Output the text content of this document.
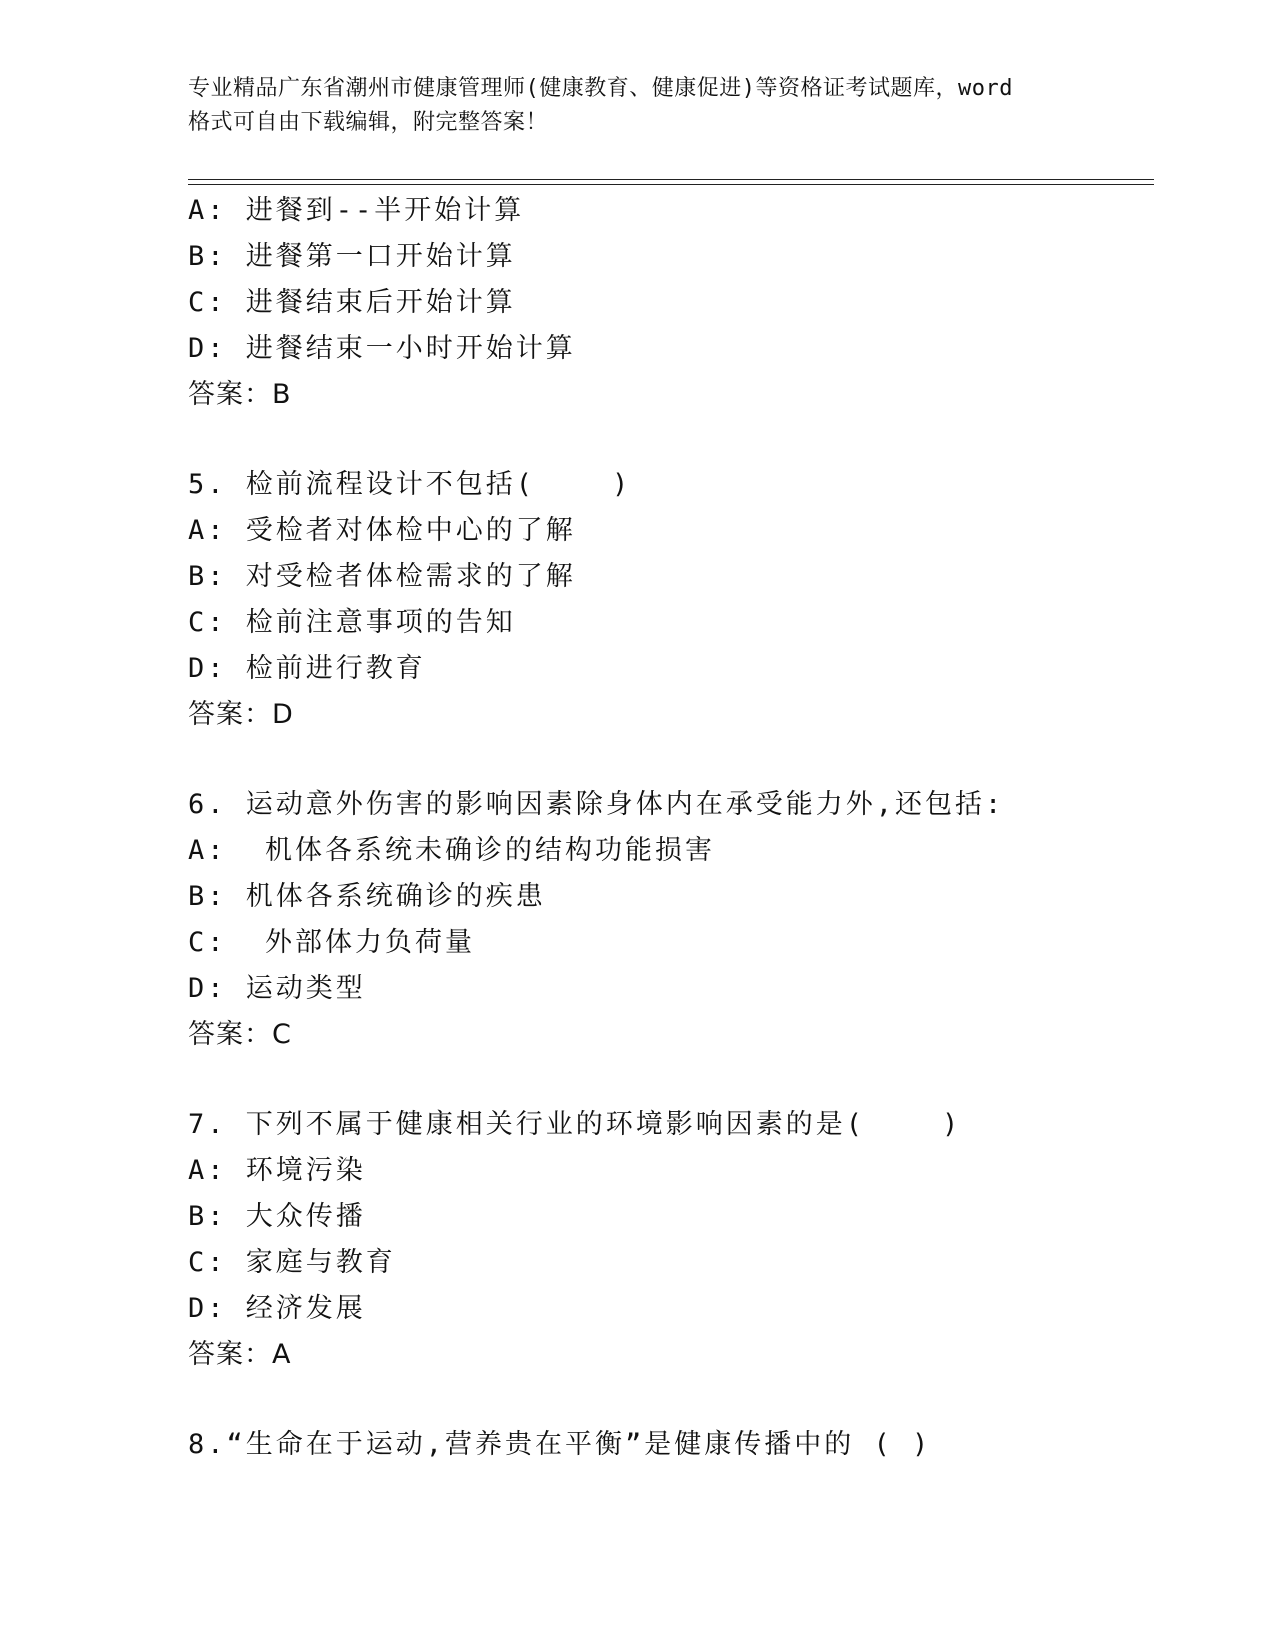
专业精品广东省潮州市健康管理师(健康教育、健康促进)等资格证考试题库，word
格式可自由下载编辑，附完整答案！
A: 进餐到--半开始计算
B: 进餐第一口开始计算
C: 进餐结束后开始计算
D: 进餐结束一小时开始计算
答案：B
5. 检前流程设计不包括(    )
A: 受检者对体检中心的了解
B: 对受检者体检需求的了解
C: 检前注意事项的告知
D: 检前进行教育
答案：D
6. 运动意外伤害的影响因素除身体内在承受能力外,还包括:
A:  机体各系统未确诊的结构功能损害
B: 机体各系统确诊的疾患
C:  外部体力负荷量
D: 运动类型
答案：C
7. 下列不属于健康相关行业的环境影响因素的是(    )
A: 环境污染
B: 大众传播
C: 家庭与教育
D: 经济发展
答案：A
8.“生命在于运动,营养贵在平衡”是健康传播中的 ( )
